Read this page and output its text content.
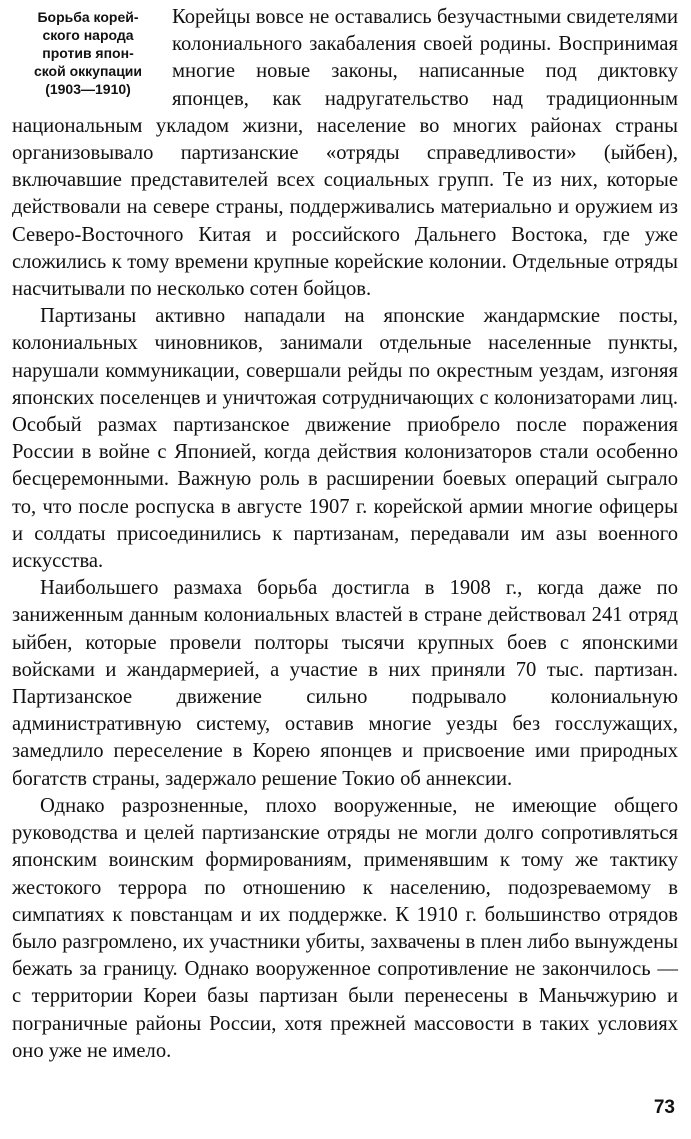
Борьба корей-
ского народа
против япон-
ской оккупации
(1903—1910)

Корейцы вовсе не оставались безучастными свидетелями колониального закабаления своей родины. Воспринимая многие новые законы, написанные под диктовку японцев, как надругательство над традиционным национальным укладом жизни, население во многих районах страны организовывало партизанские «отряды справедливости» (ыйбен), включавшие представителей всех социальных групп. Те из них, которые действовали на севере страны, поддерживались материально и оружием из Северо-Восточного Китая и российского Дальнего Востока, где уже сложились к тому времени крупные корейские колонии. Отдельные отряды насчитывали по несколько сотен бойцов.

Партизаны активно нападали на японские жандармские посты, колониальных чиновников, занимали отдельные населенные пункты, нарушали коммуникации, совершали рейды по окрестным уездам, изгоняя японских поселенцев и уничтожая сотрудничающих с колонизаторами лиц. Особый размах партизанское движение приобрело после поражения России в войне с Японией, когда действия колонизаторов стали особенно бесцеремонными. Важную роль в расширении боевых операций сыграло то, что после роспуска в августе 1907 г. корейской армии многие офицеры и солдаты присоединились к партизанам, передавали им азы военного искусства.

Наибольшего размаха борьба достигла в 1908 г., когда даже по заниженным данным колониальных властей в стране действовал 241 отряд ыйбен, которые провели полторы тысячи крупных боев с японскими войсками и жандармерией, а участие в них приняли 70 тыс. партизан. Партизанское движение сильно подрывало колониальную административную систему, оставив многие уезды без госслужащих, замедлило переселение в Корею японцев и присвоение ими природных богатств страны, задержало решение Токио об аннексии.

Однако разрозненные, плохо вооруженные, не имеющие общего руководства и целей партизанские отряды не могли долго сопротивляться японским воинским формированиям, применявшим к тому же тактику жестокого террора по отношению к населению, подозреваемому в симпатиях к повстанцам и их поддержке. К 1910 г. большинство отрядов было разгромлено, их участники убиты, захвачены в плен либо вынуждены бежать за границу. Однако вооруженное сопротивление не закончилось — с территории Кореи базы партизан были перенесены в Маньчжурию и пограничные районы России, хотя прежней массовости в таких условиях оно уже не имело.

73
